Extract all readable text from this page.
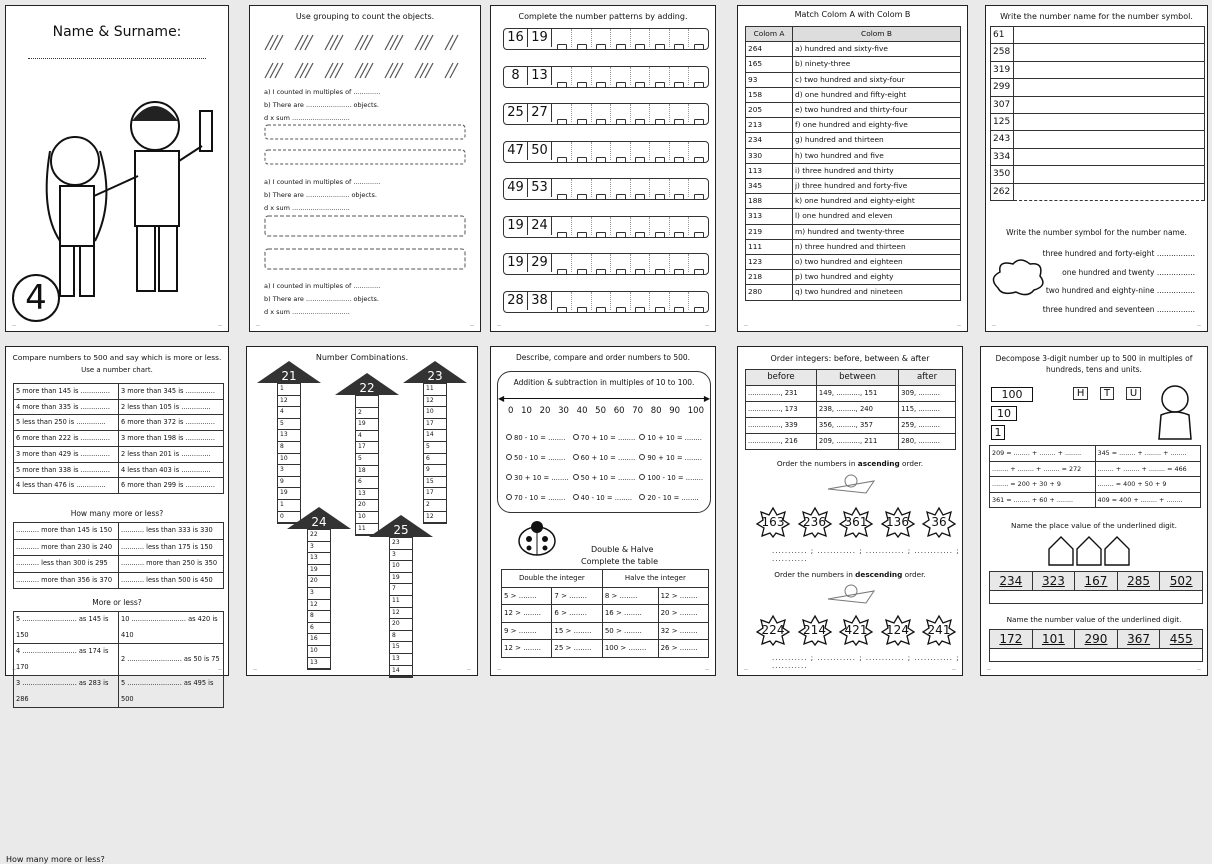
Name & Surname:
4
—	—
Use grouping to count the objects.
a) I counted in multiples of .............
b) There are ...................... objects.
d x sum ............................
a) I counted in multiples of .............
b) There are ..................... objects.
d x sum ............................
a) I counted in multiples of .............
b) There are ...................... objects.
d x sum ............................
—	—
Complete the number patterns by adding.
16 19
8 13
25 27
47 50
49 53
19 24
19 29
28 38
—	—
Match Colom A with Colom B
Colom A	Colom B
264	a) hundred and sixty-five
165	b) ninety-three
93	c) two hundred and sixty-four
158	d) one hundred and fifty-eight
205	e) two hundred and thirty-four
213	f) one hundred and eighty-five
234	g) hundred and thirteen
330	h) two hundred and five
113	i) three hundred and thirty
345	j) three hundred and forty-five
188	k) one hundred and eighty-eight
313	l) one hundred and eleven
219	m) hundred and twenty-three
111	n) three hundred and thirteen
123	o) two hundred and eighteen
218	p) two hundred and eighty
280	q) two hundred and nineteen
—	—
Write the number name for the number symbol.
61	
258	
319	
299	
307	
125	
243	
334	
350	
262	
Write the number symbol for the number name.
three hundred and forty-eight ................
one hundred and twenty ................
two hundred and eighty-nine ................
three hundred and seventeen ................
—	—
Compare numbers to 500 and say which is more or less.
Use a number chart.
5 more than 145 is ..............	3 more than 345 is ..............
4 more than 335 is ..............	2 less than 105 is ..............
5 less than 250 is ..............	6 more than 372 is ..............
6 more than 222 is ..............	3 more than 198 is ..............
3 more than 429 is ..............	2 less than 201 is ..............
5 more than 338 is ..............	4 less than 403 is ..............
4 less than 476 is ..............	6 more than 299 is ..............
How many more or less?
How many more or less?
........... more than 145 is 150	........... less than 333 is 330
........... more than 230 is 240	........... less than 175 is 150
........... less than 300 is 295	........... more than 250 is 350
........... more than 356 is 370	........... less than 500 is 450
More or less?
5 .......................... as 145 is 150	10 .......................... as 420 is 410
4 .......................... as 174 is 170	2 .......................... as 50 is 75
3 .......................... as 283 is 286	5 .......................... as 495 is 500
—	—
Number Combinations.
21
1
12
4
5
13
8
10
3
9
19
1
0
22
2
19
4
17
5
18
6
13
20
10
11
23
11
12
10
17
14
5
6
9
15
17
2
12
24
22
3
13
19
20
3
12
8
6
16
10
13
25
23
3
10
19
7
11
12
20
8
15
13
14
—	—
Describe, compare and order numbers to 500.
Addition & subtraction in multiples of 10 to 100.
◀	▶
0 10 20 30 40 50 60 70 80 90 100
80 - 10 = ........	70 + 10 = ........	10 + 10 = ........
50 - 10 = ........	60 + 10 = ........	90 + 10 = ........
30 + 10 = ........	50 + 10 = ........	100 - 10 = ........
70 - 10 = ........	40 - 10 = ........	20 - 10 = ........
Double & Halve
Complete the table
Double the integer		Halve the integer	
5 > ........	7 > ........	8 > ........	12 > ........
12 > ........	6 > ........	16 > ........	20 > ........
9 > ........	15 > ........	50 > ........	32 > ........
12 > ........	25 > ........	100 > ........	26 > ........
—	—
Order integers: before, between & after
before	between	after
..............., 231	149, ..........., 151	309, ..........
..............., 173	238, ........., 240	115, ..........
..............., 339	356, ........., 357	259, ..........
..............., 216	209, ..........., 211	280, ..........
Order the numbers in ascending order.
163	236	361	136	36
........... ; ............ ; ............ ; ............ ; ...........
Order the numbers in descending order.
224	214	421	124	241
........... ; ............ ; ............ ; ............ ; ...........
—	—
Decompose 3-digit number up to 500 in multiples of hundreds, tens and units.
100
10
1
H	T	U
209 = ........ + ........ + ........	345 = ........ + ........ + ........
........ + ........ + ........ = 272	........ + ........ + ........ = 466
........ = 200 + 30 + 9	........ = 400 + 50 + 9
361 = ........ + 60 + ........	409 = 400 + ........ + ........
Name the place value of the underlined digit.
234	323	167	285	502
Name the number value of the underlined digit.
172	101	290	367	455
—	—
